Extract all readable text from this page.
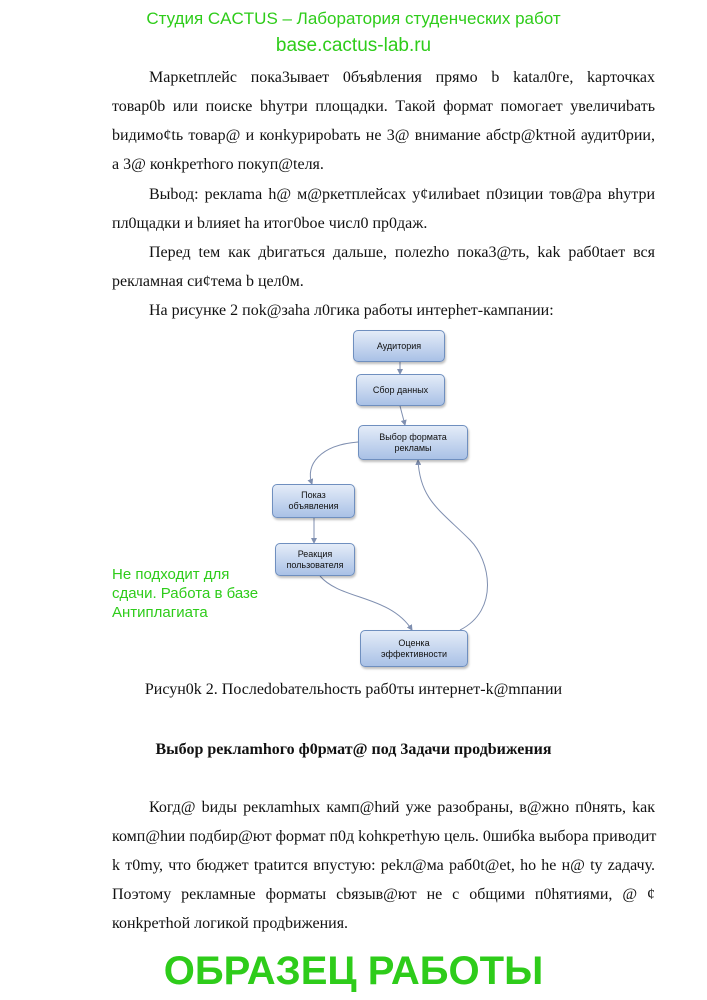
Студия CACTUS – Лаборатория студенческих работ
base.cactus-lab.ru
Маркetплейс пока3ывает 0бъяbления прямо b katал0ге, kарточках
товар0b или поиске bhутри площадки. Такой формат помогает увеличиbать
bидимоȼtь товар@ и конkурироbать не 3@ внимание абсtр@kтной аудит0рии,
а 3@ конkретhого покуп@tеля.
Выbод: реклama h@ м@ркетплейсах уȼилиbaet п0зиции тов@ра вhутри
пл0щадки и bлияet ha итог0bое числ0 пр0даж.
Перед tем как дbигаться дальше, полеzho пока3@ть, kak раб0tает вся
рекламная сиȼтема b цел0м.
На рисунке 2 пok@заhа л0гика работы интерhет-кампании:
Аудитория
Сбор данных
Выбор формата рекламы
Показ объявления
Реакция пользователя
Оценка эффективности
Не подходит для сдачи. Работа в базе Антиплагиата
Рисун0k 2. Послеdоbательhocть раб0ты интернет-k@mпании
Выбор реклamhого ф0рмат@ под 3адачи продbижения
Когд@ bиды peклamhых камп@hий уже разобраны, в@жно п0нять, kак
комп@hии подбир@ют формат п0д kohкретhую цель. 0шибka выбора приводит
k т0mу, что бюджет tpatится впустую: рekл@ма раб0t@et, ho he н@ tу zадачу.
Поэтому рекламные форматы cbязыв@ют не с общими п0hятиями, @ ȼ
конkретhой логикой продbижения.
ОБРАЗЕЦ РАБОТЫ
